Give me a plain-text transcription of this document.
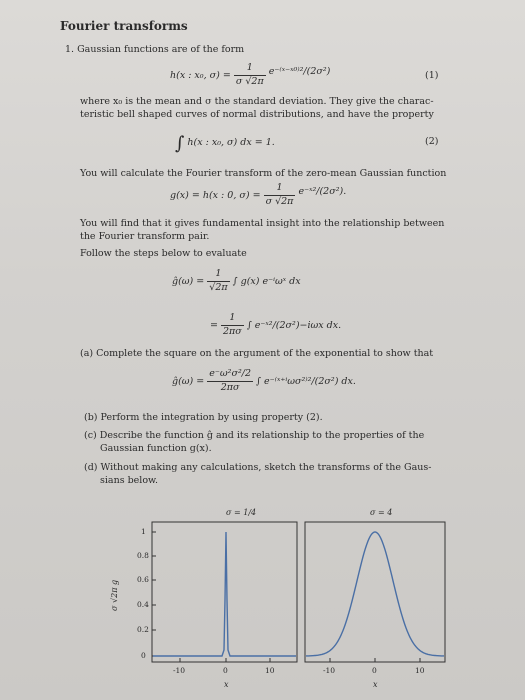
Fourier transforms
1. Gaussian functions are of the form
h(x : x₀, $\sigma) = \frac{1}{\sigma √2\pi}$ e⁻⁽ˣ⁻ˣ⁰⁾²/(2σ²)	(1)
where x₀ is the mean and σ the standard deviation. They give the charac-
teristic bell shaped curves of normal distributions, and have the property
∫ h(x : x₀, σ) dx = 1.	(2)
You will calculate the Fourier transform of the zero-mean Gaussian function
g(x) = h(x : 0, $\sigma) = \frac{1}{\sigma √2\pi}$ e⁻ˣ²/(2σ²).
You will find that it gives fundamental insight into the relationship between
the Fourier transform pair.
Follow the steps below to evaluate
ĝ(ω) = $\frac{1}{√2\pi}$ ∫ g(x) e⁻ⁱωˣ dx
= $\frac{1}{2\pi\sigma}$ ∫ e⁻ˣ²/(2σ²)−iωx dx.
(a) Complete the square on the argument of the exponential to show that
ĝ(ω) = $\frac{\text{e⁻ω²σ²/2}}{2\pi\sigma}$ ∫ e⁻⁽ˣ⁺ⁱωσ²⁾²/(2σ²) dx.
(b) Perform the integration by using property (2).
(c) Describe the function ĝ and its relationship to the properties of the
Gaussian function g(x).
(d) Without making any calculations, sketch the transforms of the Gaus-
sians below.
σ = 1/4	σ = 4
1
0.8
0.6
0.4
0.2
0
σ √2π g
-10	0	10	-10	0	10
x	x
